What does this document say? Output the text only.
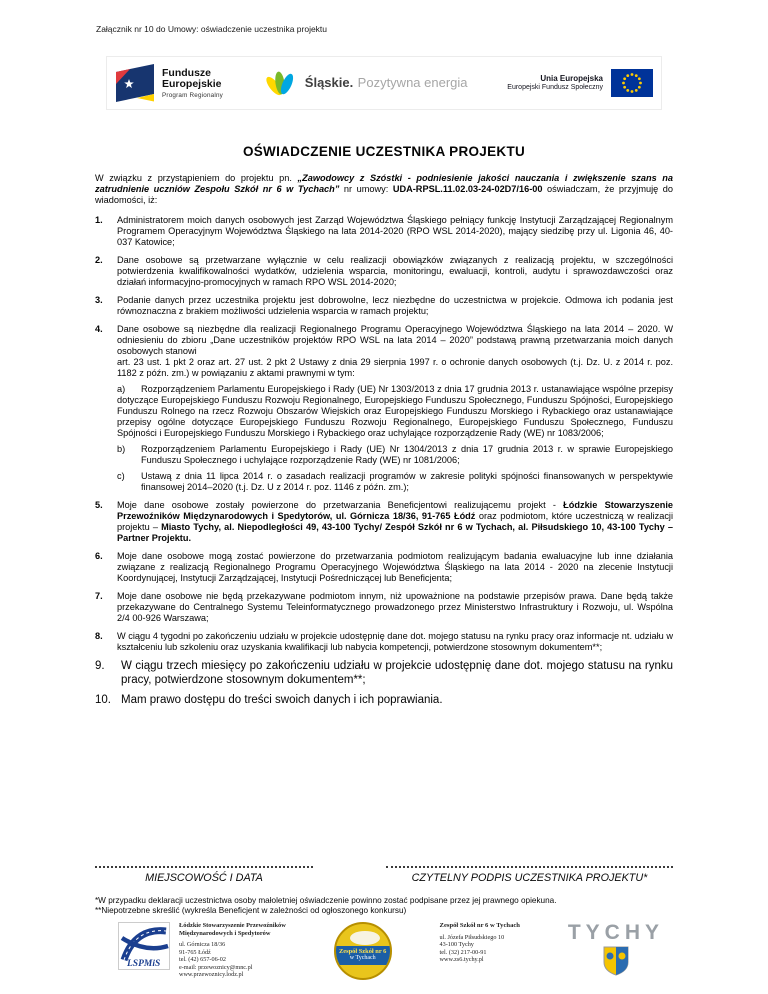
Załącznik nr 10 do Umowy: oświadczenie uczestnika projektu
Fundusze
Europejskie
Program Regionalny
Śląskie. Pozytywna energia	Unia Europejska
Europejski Fundusz Społeczny
OŚWIADCZENIE UCZESTNIKA PROJEKTU

W związku z przystąpieniem do projektu pn. „Zawodowcy z Szóstki - podniesienie jakości nauczania i zwiększenie szans na zatrudnienie uczniów Zespołu Szkół nr 6 w Tychach” nr umowy: UDA-RPSL.11.02.03-24-02D7/16-00 oświadczam, że przyjmuję do wiadomości, iż:

1.	Administratorem moich danych osobowych jest Zarząd Województwa Śląskiego pełniący funkcję Instytucji Zarządzającej Regionalnym Programem Operacyjnym Województwa Śląskiego na lata 2014-2020 (RPO WSL 2014-2020), mający siedzibę przy ul. Ligonia 46, 40-037 Katowice;

2.	Dane osobowe są przetwarzane wyłącznie w celu realizacji obowiązków związanych z realizacją projektu, w szczególności potwierdzenia kwalifikowalności wydatków, udzielenia wsparcia, monitoringu, ewaluacji, kontroli, audytu i sprawozdawczości oraz działań informacyjno-promocyjnych w ramach RPO WSL 2014-2020;

3.	Podanie danych przez uczestnika projektu jest dobrowolne, lecz niezbędne do uczestnictwa w projekcie. Odmowa ich podania jest równoznaczna z brakiem możliwości udzielenia wsparcia w ramach projektu;

4.	Dane osobowe są niezbędne dla realizacji Regionalnego Programu Operacyjnego Województwa Śląskiego na lata 2014 – 2020. W odniesieniu do zbioru „Dane uczestników projektów RPO WSL na lata 2014 – 2020” podstawą prawną przetwarzania moich danych osobowych stanowi

art. 23 ust. 1 pkt 2 oraz art. 27 ust. 2 pkt 2 Ustawy z dnia 29 sierpnia 1997 r. o ochronie danych osobowych (t.j. Dz. U. z 2014 r. poz. 1182 z późn. zm.) w powiązaniu z aktami prawnymi w tym:

a) Rozporządzeniem Parlamentu Europejskiego i Rady (UE) Nr 1303/2013 z dnia 17 grudnia 2013 r. ustanawiające wspólne przepisy dotyczące Europejskiego Funduszu Rozwoju Regionalnego, Europejskiego Funduszu Społecznego, Funduszu Spójności, Europejskiego Funduszu Rolnego na rzecz Rozwoju Obszarów Wiejskich oraz Europejskiego Funduszu Morskiego i Rybackiego oraz ustanawiające przepisy ogólne dotyczące Europejskiego Funduszu Rozwoju Regionalnego, Europejskiego Funduszu Społecznego, Funduszu Spójności i Europejskiego Funduszu Morskiego i Rybackiego oraz uchylające rozporządzenie Rady (WE) nr 1083/2006;

b)	Rozporządzeniem Parlamentu Europejskiego i Rady (UE) Nr 1304/2013 z dnia 17 grudnia 2013 r. w sprawie Europejskiego Funduszu Społecznego i uchylające rozporządzenie Rady (WE) nr 1081/2006;

c)	Ustawą z dnia 11 lipca 2014 r. o zasadach realizacji programów w zakresie polityki spójności finansowanych w perspektywie finansowej 2014–2020 (t.j. Dz. U z 2014 r. poz. 1146 z późn. zm.);

5.	Moje dane osobowe zostały powierzone do przetwarzania Beneficjentowi realizującemu projekt - Łódzkie Stowarzyszenie Przewoźników Międzynarodowych i Spedytorów, ul. Górnicza 18/36, 91-765 Łódź oraz podmiotom, które uczestniczą w realizacji projektu – Miasto Tychy, al. Niepodległości 49, 43-100 Tychy/ Zespół Szkół nr 6 w Tychach, al. Piłsudskiego 10, 43-100 Tychy – Partner Projektu.

6.	Moje dane osobowe mogą zostać powierzone do przetwarzania podmiotom realizującym badania ewaluacyjne lub inne działania związane z realizacją Regionalnego Programu Operacyjnego Województwa Śląskiego na lata 2014 - 2020 na zlecenie Instytucji Koordynującej, Instytucji Zarządzającej, Instytucji Pośredniczącej lub Beneficjenta;

7.	Moje dane osobowe nie będą przekazywane podmiotom innym, niż upoważnione na podstawie przepisów prawa. Dane będą także przekazywane do Centralnego Systemu Teleinformatycznego prowadzonego przez Ministerstwo Infrastruktury i Rozwoju, ul. Wspólna 2/4 00-926 Warszawa;

8.	W ciągu 4 tygodni po zakończeniu udziału w projekcie udostępnię dane dot. mojego statusu na rynku pracy oraz informacje nt. udziału w kształceniu lub szkoleniu oraz uzyskania kwalifikacji lub nabycia kompetencji, potwierdzone stosownym dokumentem**;

9.	W ciągu trzech miesięcy po zakończeniu udziału w projekcie udostępnię dane dot. mojego statusu na rynku pracy, potwierdzone stosownym dokumentem**;

10. Mam prawo dostępu do treści swoich danych i ich poprawiania.

MIEJSCOWOŚĆ I DATA	CZYTELNY PODPIS UCZESTNIKA PROJEKTU*
*W przypadku deklaracji uczestnictwa osoby małoletniej oświadczenie powinno zostać podpisane przez jej prawnego opiekuna.
**Niepotrzebne skreślić (wykreśla Beneficjent w zależności od ogłoszonego konkursu)
LSPMiS
Łódzkie Stowarzyszenie Przewoźników
Międzynarodowych i Spedytorów
ul. Górnicza 18/36
91-765 Łódź
tel. (42) 657-06-02
e-mail: przewoznicy@mnc.pl
www.przewoznicy.lodz.pl
Zespół Szkół nr 6
w Tychach
Zespół Szkół nr 6 w Tychach
ul. Józefa Piłsudskiego 10
43-100 Tychy
tel. (32) 217-00-91
www.zs6.tychy.pl
TYCHY
